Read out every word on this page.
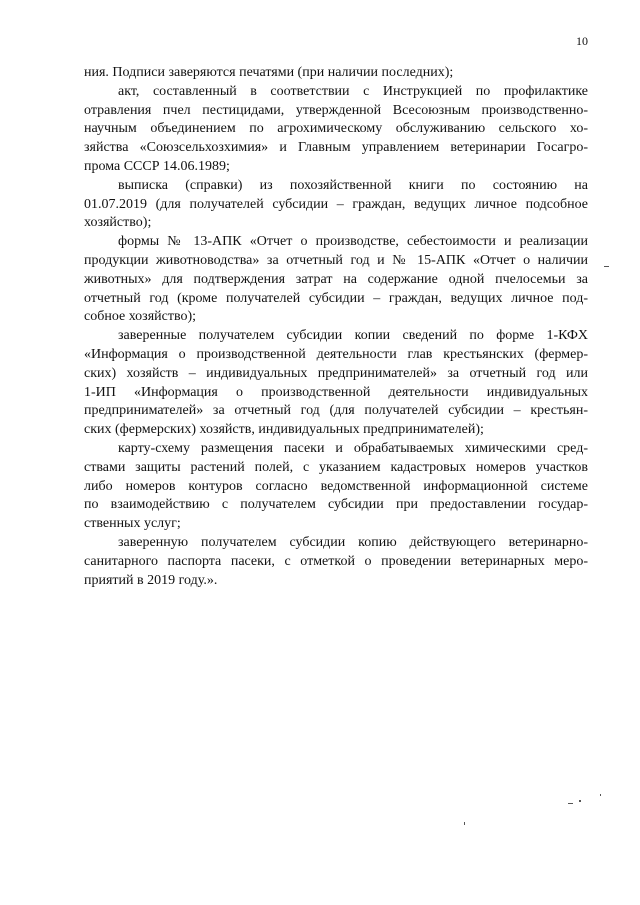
10
ния. Подписи заверяются печатями (при наличии последних);
акт, составленный в соответствии с Инструкцией по профилактике
отравления пчел пестицидами, утвержденной Всесоюзным производственно-
научным объединением по агрохимическому обслуживанию сельского хо-
зяйства «Союзсельхозхимия» и Главным управлением ветеринарии Госагро-
прома СССР 14.06.1989;
выписка (справки) из похозяйственной книги по состоянию на
01.07.2019 (для получателей субсидии – граждан, ведущих личное подсобное
хозяйство);
формы № 13-АПК «Отчет о производстве, себестоимости и реализации
продукции животноводства» за отчетный год и № 15-АПК «Отчет о наличии
животных» для подтверждения затрат на содержание одной пчелосемьи за
отчетный год (кроме получателей субсидии – граждан, ведущих личное под-
собное хозяйство);
заверенные получателем субсидии копии сведений по форме 1-КФХ
«Информация о производственной деятельности глав крестьянских (фермер-
ских) хозяйств – индивидуальных предпринимателей» за отчетный год или
1-ИП «Информация о производственной деятельности индивидуальных
предпринимателей» за отчетный год (для получателей субсидии – крестьян-
ских (фермерских) хозяйств, индивидуальных предпринимателей);
карту-схему размещения пасеки и обрабатываемых химическими сред-
ствами защиты растений полей, с указанием кадастровых номеров участков
либо номеров контуров согласно ведомственной информационной системе
по взаимодействию с получателем субсидии при предоставлении государ-
ственных услуг;
заверенную получателем субсидии копию действующего ветеринарно-
санитарного паспорта пасеки, с отметкой о проведении ветеринарных меро-
приятий в 2019 году.».
